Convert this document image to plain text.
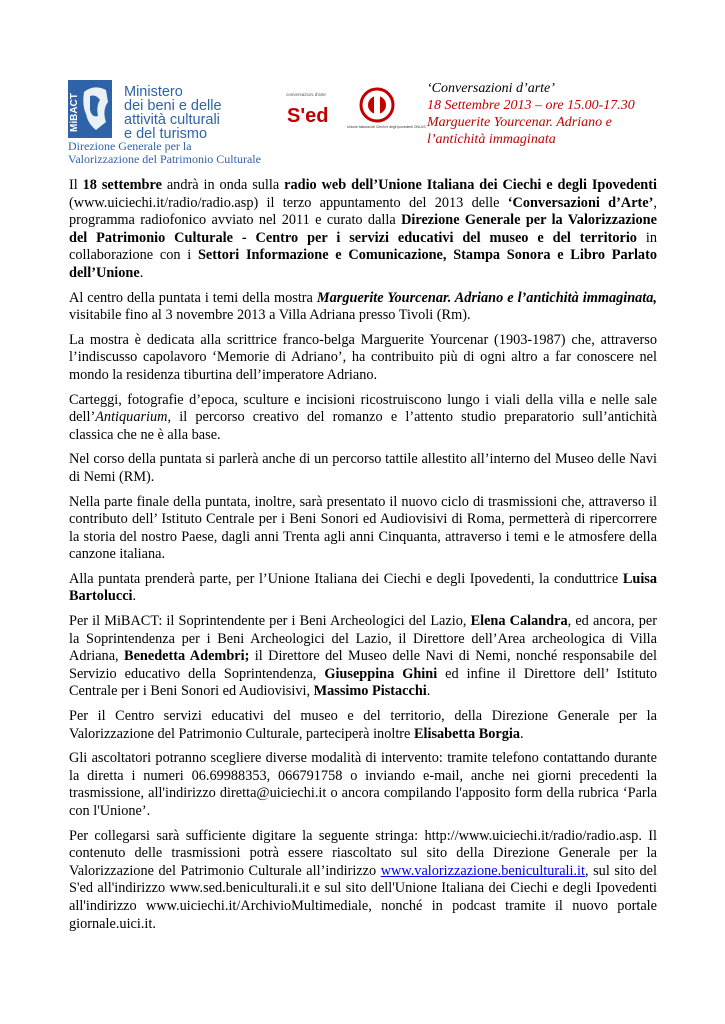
MiBACT
Ministero
dei beni e delle
attività culturali
e del turismo
Direzione Generale per la
Valorizzazione del Patrimonio Culturale
conversazioni d'arte
S'ed	Unione Italiana dei Ciechi e degli Ipovedenti ONLUS
‘Conversazioni d’arte’
18 Settembre 2013 – ore 15.00-17.30
Marguerite Yourcenar. Adriano e
l’antichità immaginata

Il 18 settembre andrà in onda sulla radio web dell’Unione Italiana dei Ciechi e degli Ipovedenti (www.uiciechi.it/radio/radio.asp) il terzo appuntamento del 2013 delle ‘Conversazioni d’Arte’, programma radiofonico avviato nel 2011 e curato dalla Direzione Generale per la Valorizzazione del Patrimonio Culturale - Centro per i servizi educativi del museo e del territorio in collaborazione con i Settori Informazione e Comunicazione, Stampa Sonora e Libro Parlato dell’Unione.

Al centro della puntata i temi della mostra Marguerite Yourcenar. Adriano e l’antichità immaginata, visitabile fino al 3 novembre 2013 a Villa Adriana presso Tivoli (Rm).

La mostra è dedicata alla scrittrice franco-belga Marguerite Yourcenar (1903-1987) che, attraverso l’indiscusso capolavoro ‘Memorie di Adriano’, ha contribuito più di ogni altro a far conoscere nel mondo la residenza tiburtina dell’imperatore Adriano.

Carteggi, fotografie d’epoca, sculture e incisioni ricostruiscono lungo i viali della villa e nelle sale dell’Antiquarium, il percorso creativo del romanzo e l’attento studio preparatorio sull’antichità classica che ne è alla base.

Nel corso della puntata si parlerà anche di un percorso tattile allestito all’interno del Museo delle Navi di Nemi (RM).

Nella parte finale della puntata, inoltre, sarà presentato il nuovo ciclo di trasmissioni che, attraverso il contributo dell’ Istituto Centrale per i Beni Sonori ed Audiovisivi di Roma, permetterà di ripercorrere la storia del nostro Paese, dagli anni Trenta agli anni Cinquanta, attraverso i temi e le atmosfere della canzone italiana.

Alla puntata prenderà parte, per l’Unione Italiana dei Ciechi e degli Ipovedenti, la conduttrice Luisa Bartolucci.

Per il MiBACT: il Soprintendente per i Beni Archeologici del Lazio, Elena Calandra, ed ancora, per la Soprintendenza per i Beni Archeologici del Lazio, il Direttore dell’Area archeologica di Villa Adriana, Benedetta Adembri; il Direttore del Museo delle Navi di Nemi, nonché responsabile del Servizio educativo della Soprintendenza, Giuseppina Ghini ed infine il Direttore dell’ Istituto Centrale per i Beni Sonori ed Audiovisivi, Massimo Pistacchi.

Per il Centro servizi educativi del museo e del territorio, della Direzione Generale per la Valorizzazione del Patrimonio Culturale, parteciperà inoltre Elisabetta Borgia.

Gli ascoltatori potranno scegliere diverse modalità di intervento: tramite telefono contattando durante la diretta i numeri 06.69988353, 066791758 o inviando e-mail, anche nei giorni precedenti la trasmissione, all'indirizzo diretta@uiciechi.it o ancora compilando l'apposito form della rubrica ‘Parla con l'Unione’.

Per collegarsi sarà sufficiente digitare la seguente stringa: http://www.uiciechi.it/radio/radio.asp. Il contenuto delle trasmissioni potrà essere riascoltato sul sito della Direzione Generale per la Valorizzazione del Patrimonio Culturale all’indirizzo www.valorizzazione.beniculturali.it, sul sito del S'ed all'indirizzo www.sed.beniculturali.it e sul sito dell'Unione Italiana dei Ciechi e degli Ipovedenti all'indirizzo www.uiciechi.it/ArchivioMultimediale, nonché in podcast tramite il nuovo portale giornale.uici.it.
